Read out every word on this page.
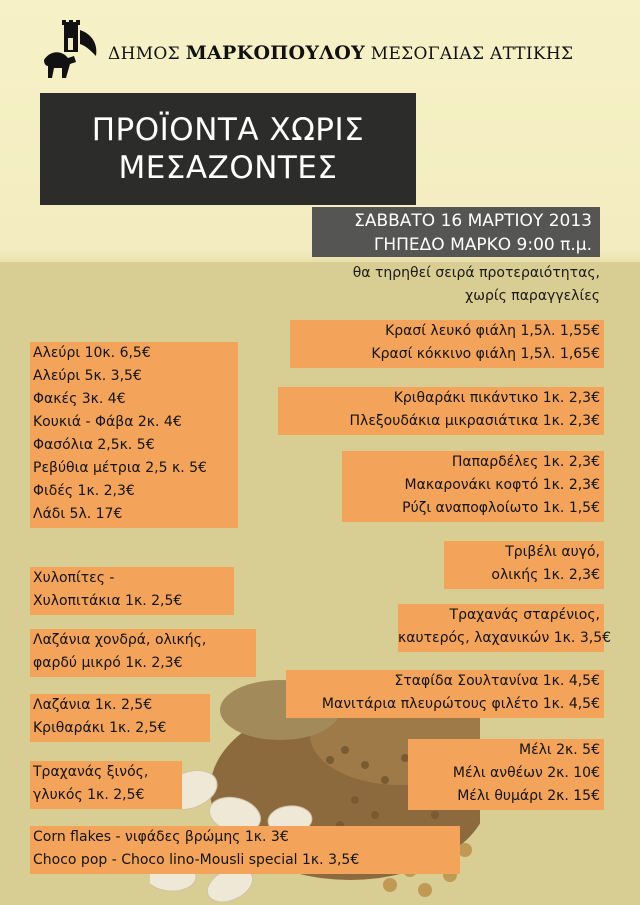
ΔΗΜΟΣ ΜΑΡΚΟΠΟΥΛΟΥ ΜΕΣΟΓΑΙΑΣ ΑΤΤΙΚΗΣ
ΠΡΟΪΟΝΤΑ ΧΩΡΙΣ
ΜΕΣΑΖΟΝΤΕΣ
ΣΑΒΒΑΤΟ 16 ΜΑΡΤΙΟΥ 2013
ΓΗΠΕΔΟ ΜΑΡΚΟ 9:00 π.μ.
θα τηρηθεί σειρά προτεραιότητας,
χωρίς παραγγελίες
Αλεύρι 10κ. 6,5€
Αλεύρι 5κ. 3,5€
Φακές 3κ. 4€
Κουκιά - Φάβα 2κ. 4€
Φασόλια 2,5κ. 5€
Ρεβύθια μέτρια 2,5 κ. 5€
Φιδές 1κ. 2,3€
Λάδι 5λ. 17€
Χυλοπίτες -
Χυλοπιτάκια 1κ. 2,5€
Λαζάνια χονδρά, ολικής,
φαρδύ μικρό 1κ. 2,3€
Λαζάνια 1κ. 2,5€
Κριθαράκι 1κ. 2,5€
Τραχανάς ξινός,
γλυκός 1κ. 2,5€
Corn flakes - νιφάδες βρώμης 1κ. 3€
Choco pop - Choco lino-Mousli special 1κ. 3,5€
Κρασί λευκό φιάλη 1,5λ. 1,55€
Κρασί κόκκινο φιάλη 1,5λ. 1,65€
Κριθαράκι πικάντικο 1κ. 2,3€
Πλεξουδάκια μικρασιάτικα 1κ. 2,3€
Παπαρδέλες 1κ. 2,3€
Μακαρονάκι κοφτό 1κ. 2,3€
Ρύζι αναποφλοίωτο 1κ. 1,5€
Τριβέλι αυγό,
ολικής 1κ. 2,3€
Τραχανάς σταρένιος,
καυτερός, λαχανικών 1κ. 3,5€
Σταφίδα Σουλτανίνα 1κ. 4,5€
Μανιτάρια πλευρώτους φιλέτο 1κ. 4,5€
Μέλι 2κ. 5€
Μέλι ανθέων 2κ. 10€
Μέλι θυμάρι 2κ. 15€
